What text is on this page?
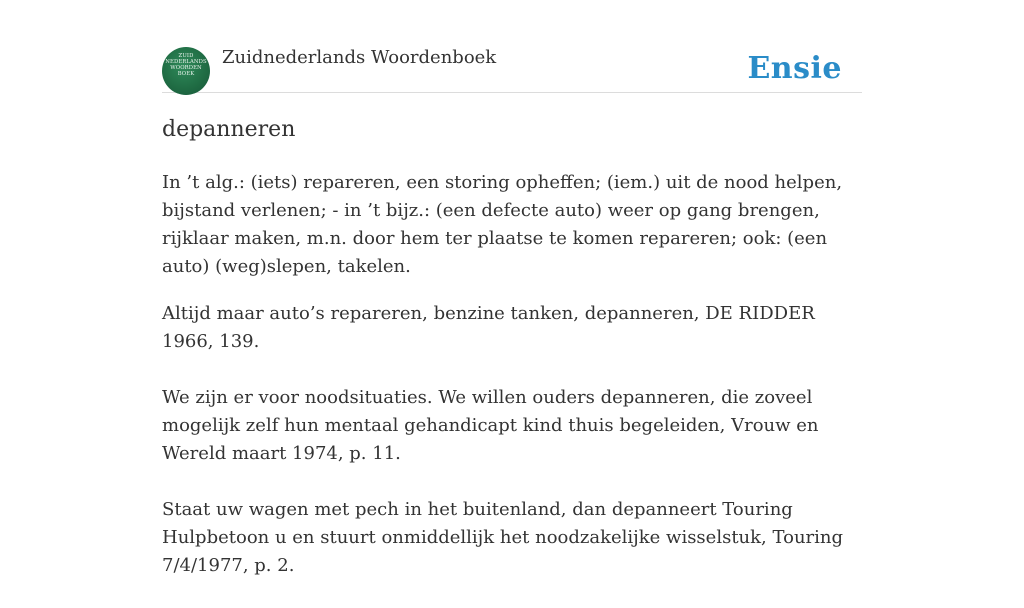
ZUID
NEDERLANDS
WOORDEN
BOEK
Zuidnederlands Woordenboek	Ensie
depanneren

In ’t alg.: (iets) repareren, een storing opheffen; (iem.) uit de nood helpen, bijstand verlenen; - in ’t bijz.: (een defecte auto) weer op gang brengen, rijklaar maken, m.n. door hem ter plaatse te komen repareren; ook: (een auto) (weg)slepen, takelen.

Altijd maar auto’s repareren, benzine tanken, depanneren, DE RIDDER 1966, 139.

We zijn er voor noodsituaties. We willen ouders depanneren, die zoveel mogelijk zelf hun mentaal gehandicapt kind thuis begeleiden, Vrouw en Wereld maart 1974, p. 11.

Staat uw wagen met pech in het buitenland, dan depanneert Touring Hulpbetoon u en stuurt onmiddellijk het noodzakelijke wisselstuk, Touring 7/4/1977, p. 2.
